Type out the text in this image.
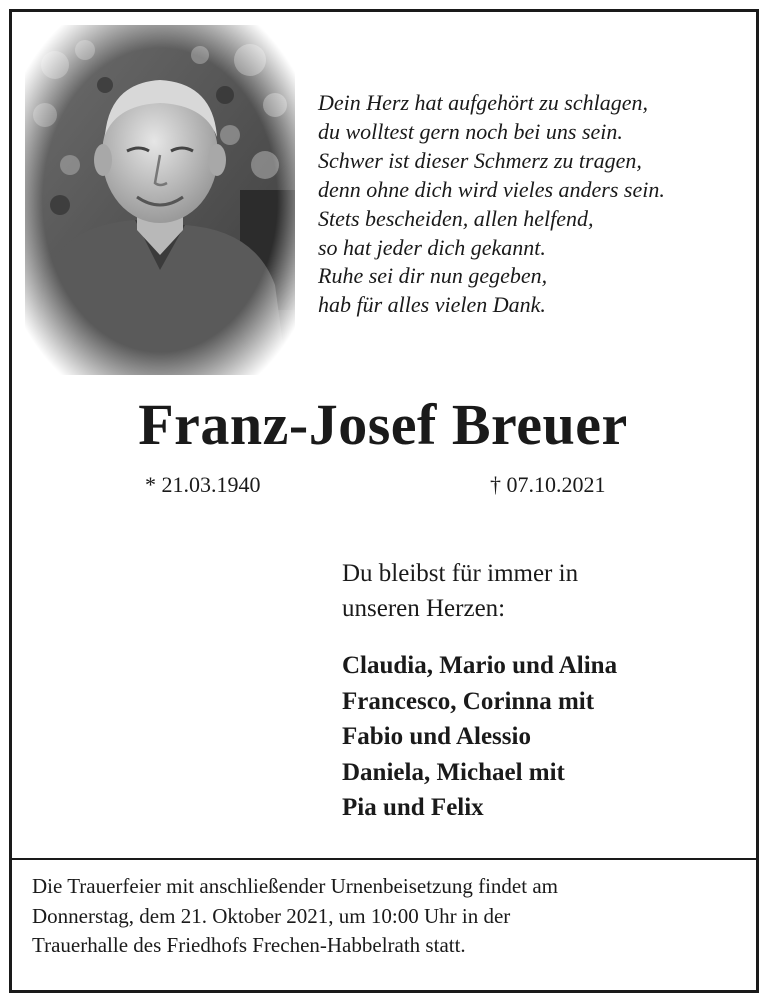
Dein Herz hat aufgehört zu schlagen,
du wolltest gern noch bei uns sein.
Schwer ist dieser Schmerz zu tragen,
denn ohne dich wird vieles anders sein.
Stets bescheiden, allen helfend,
so hat jeder dich gekannt.
Ruhe sei dir nun gegeben,
hab für alles vielen Dank.
Franz-Josef Breuer
* 21.03.1940	† 07.10.2021
Du bleibst für immer in
unseren Herzen:
Claudia, Mario und Alina
Francesco, Corinna mit
Fabio und Alessio
Daniela, Michael mit
Pia und Felix
Die Trauerfeier mit anschließender Urnenbeisetzung findet am
Donnerstag, dem 21. Oktober 2021, um 10:00 Uhr in der
Trauerhalle des Friedhofs Frechen-Habbelrath statt.
